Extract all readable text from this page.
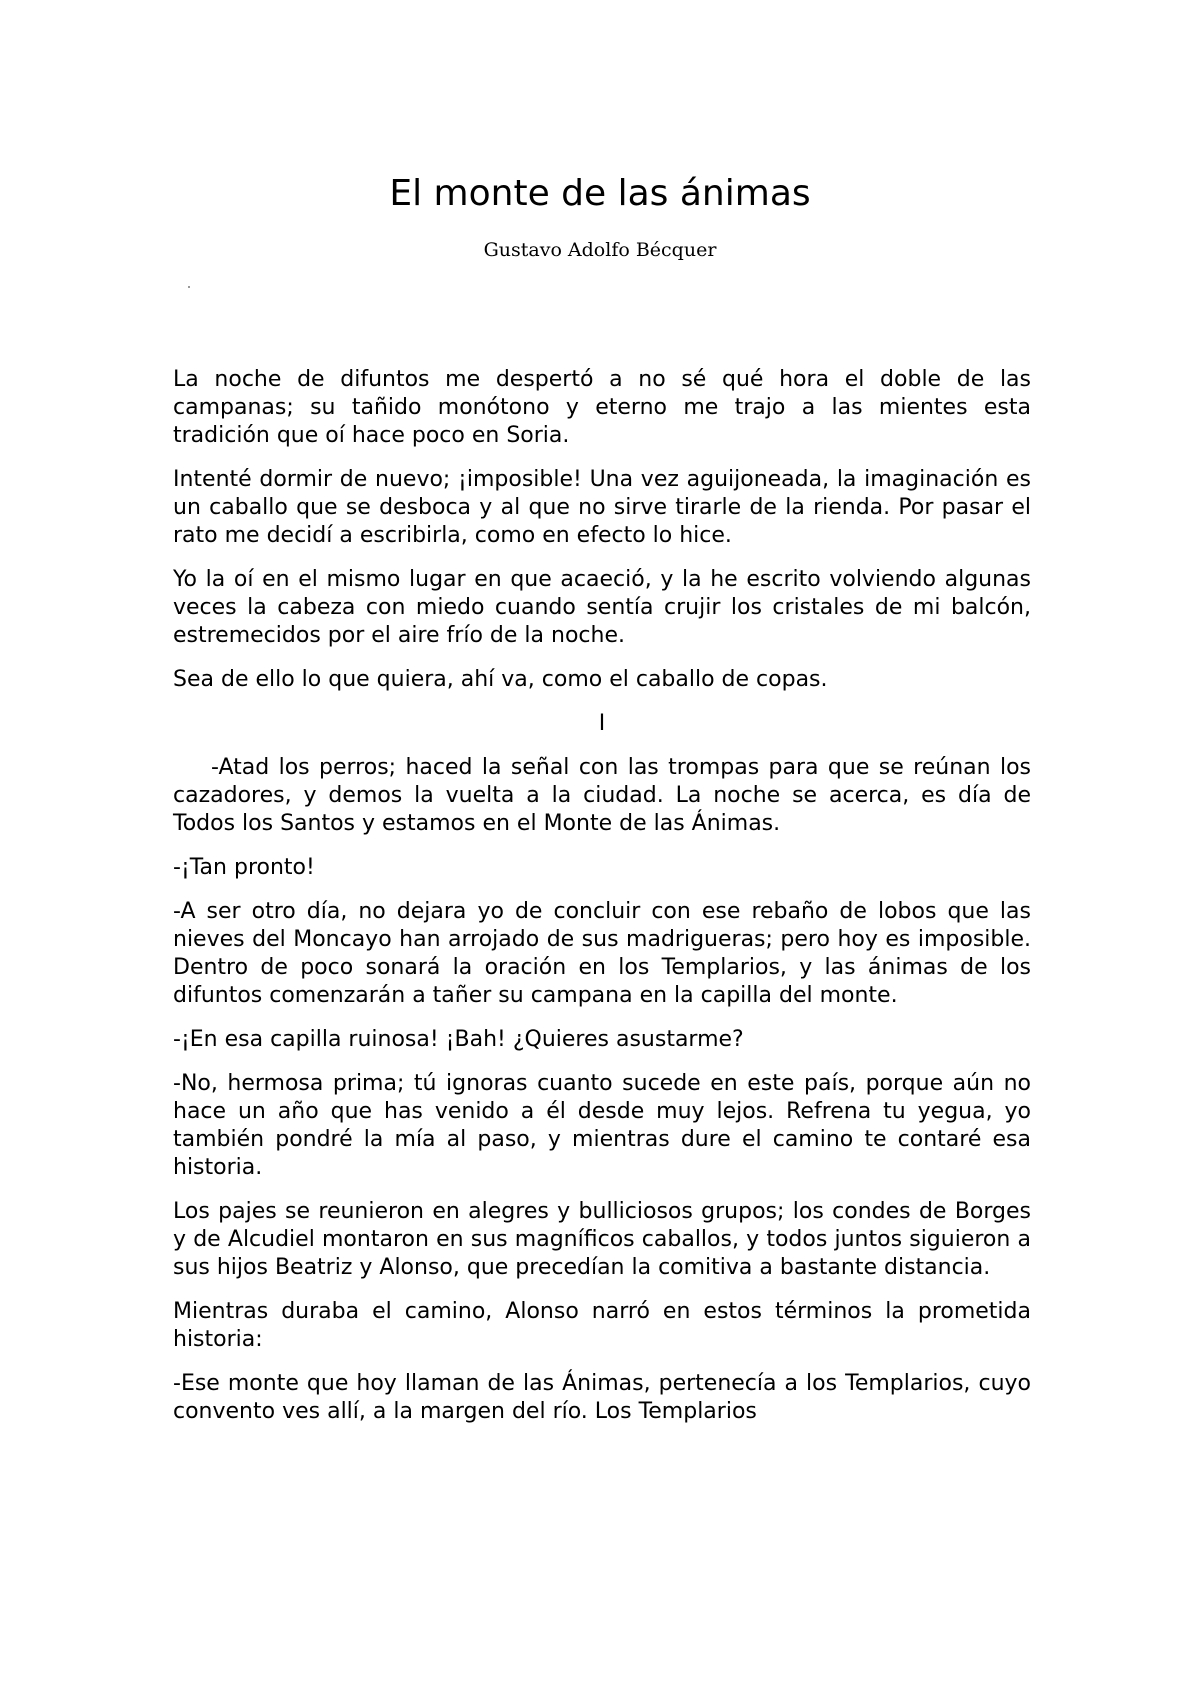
El monte de las ánimas
Gustavo Adolfo Bécquer

La noche de difuntos me despertó a no sé qué hora el doble de las campanas; su tañido monótono y eterno me trajo a las mientes esta tradición que oí hace poco en Soria.

Intenté dormir de nuevo; ¡imposible! Una vez aguijoneada, la imaginación es un caballo que se desboca y al que no sirve tirarle de la rienda. Por pasar el rato me decidí a escribirla, como en efecto lo hice.

Yo la oí en el mismo lugar en que acaeció, y la he escrito volviendo algunas veces la cabeza con miedo cuando sentía crujir los cristales de mi balcón, estremecidos por el aire frío de la noche.

Sea de ello lo que quiera, ahí va, como el caballo de copas.

I

-Atad los perros; haced la señal con las trompas para que se reúnan los cazadores, y demos la vuelta a la ciudad. La noche se acerca, es día de Todos los Santos y estamos en el Monte de las Ánimas.

-¡Tan pronto!

-A ser otro día, no dejara yo de concluir con ese rebaño de lobos que las nieves del Moncayo han arrojado de sus madrigueras; pero hoy es imposible. Dentro de poco sonará la oración en los Templarios, y las ánimas de los difuntos comenzarán a tañer su campana en la capilla del monte.

-¡En esa capilla ruinosa! ¡Bah! ¿Quieres asustarme?

-No, hermosa prima; tú ignoras cuanto sucede en este país, porque aún no hace un año que has venido a él desde muy lejos. Refrena tu yegua, yo también pondré la mía al paso, y mientras dure el camino te contaré esa historia.

Los pajes se reunieron en alegres y bulliciosos grupos; los condes de Borges y de Alcudiel montaron en sus magníficos caballos, y todos juntos siguieron a sus hijos Beatriz y Alonso, que precedían la comitiva a bastante distancia.

Mientras duraba el camino, Alonso narró en estos términos la prometida historia:

-Ese monte que hoy llaman de las Ánimas, pertenecía a los Templarios, cuyo convento ves allí, a la margen del río. Los Templarios
